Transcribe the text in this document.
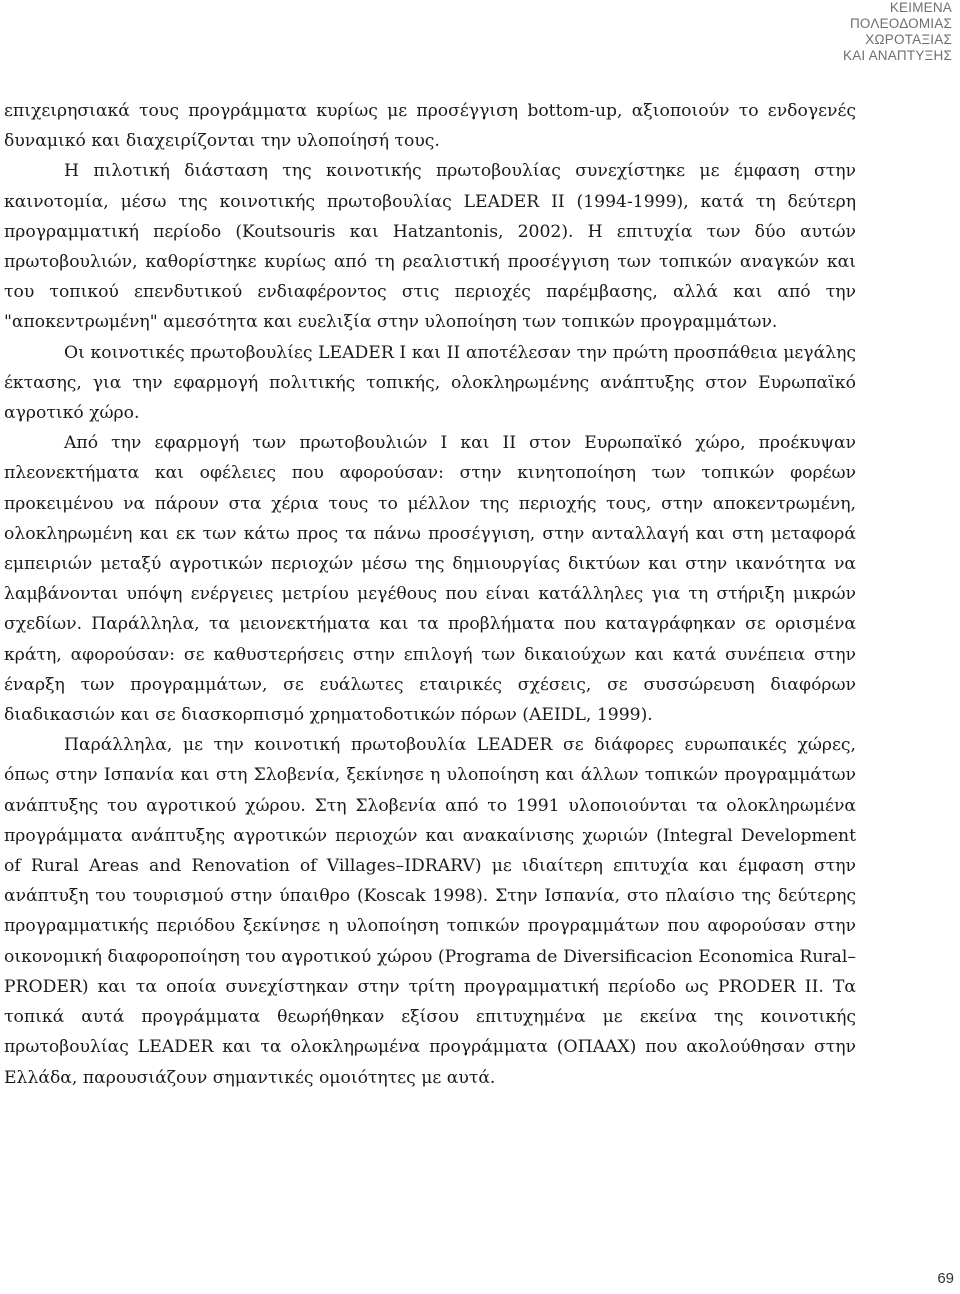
ΚΕΙΜΕΝΑ
ΠΟΛΕΟΔΟΜΙΑΣ
ΧΩΡΟΤΑΞΙΑΣ
ΚΑΙ ΑΝΑΠΤΥΞΗΣ

επιχειρησιακά τους προγράμματα κυρίως με προσέγγιση bottom-up, αξιοποιούν το ενδογενές δυναμικό και διαχειρίζονται την υλοποίησή τους.

Η πιλοτική διάσταση της κοινοτικής πρωτοβουλίας συνεχίστηκε με έμφαση στην καινοτομία, μέσω της κοινοτικής πρωτοβουλίας LEADER II (1994-1999), κατά τη δεύτερη προγραμματική περίοδο (Koutsouris και Hatzantonis, 2002). Η επιτυχία των δύο αυτών πρωτοβουλιών, καθορίστηκε κυρίως από τη ρεαλιστική προσέγγιση των τοπικών αναγκών και του τοπικού επενδυτικού ενδιαφέροντος στις περιοχές παρέμβασης, αλλά και από την "αποκεντρωμένη" αμεσότητα και ευελιξία στην υλοποίηση των τοπικών προγραμμάτων.

Οι κοινοτικές πρωτοβουλίες LEADER I και II αποτέλεσαν την πρώτη προσπάθεια μεγάλης έκτασης, για την εφαρμογή πολιτικής τοπικής, ολοκληρωμένης ανάπτυξης στον Ευρωπαϊκό αγροτικό χώρο.

Από την εφαρμογή των πρωτοβουλιών I και II στον Ευρωπαϊκό χώρο, προέκυψαν πλεονεκτήματα και οφέλειες που αφορούσαν: στην κινητοποίηση των τοπικών φορέων προκειμένου να πάρουν στα χέρια τους το μέλλον της περιοχής τους, στην αποκεντρωμένη, ολοκληρωμένη και εκ των κάτω προς τα πάνω προσέγγιση, στην ανταλλαγή και στη μεταφορά εμπειριών μεταξύ αγροτικών περιοχών μέσω της δημιουργίας δικτύων και στην ικανότητα να λαμβάνονται υπόψη ενέργειες μετρίου μεγέθους που είναι κατάλληλες για τη στήριξη μικρών σχεδίων. Παράλληλα, τα μειονεκτήματα και τα προβλήματα που καταγράφηκαν σε ορισμένα κράτη, αφορούσαν: σε καθυστερήσεις στην επιλογή των δικαιούχων και κατά συνέπεια στην έναρξη των προγραμμάτων, σε ευάλωτες εταιρικές σχέσεις, σε συσσώρευση διαφόρων διαδικασιών και σε διασκορπισμό χρηματοδοτικών πόρων (AEIDL, 1999).

Παράλληλα, με την κοινοτική πρωτοβουλία LEADER σε διάφορες ευρωπαικές χώρες, όπως στην Ισπανία και στη Σλοβενία, ξεκίνησε η υλοποίηση και άλλων τοπικών προγραμμάτων ανάπτυξης του αγροτικού χώρου. Στη Σλοβενία από το 1991 υλοποιούνται τα ολοκληρωμένα προγράμματα ανάπτυξης αγροτικών περιοχών και ανακαίνισης χωριών (Integral Development of Rural Areas and Renovation of Villages–IDRARV) με ιδιαίτερη επιτυχία και έμφαση στην ανάπτυξη του τουρισμού στην ύπαιθρο (Koscak 1998). Στην Ισπανία, στο πλαίσιο της δεύτερης προγραμματικής περιόδου ξεκίνησε η υλοποίηση τοπικών προγραμμάτων που αφορούσαν στην οικονομική διαφοροποίηση του αγροτικού χώρου (Programa de Diversificacion Economica Rural–PRODER) και τα οποία συνεχίστηκαν στην τρίτη προγραμματική περίοδο ως PRODER II. Τα τοπικά αυτά προγράμματα θεωρήθηκαν εξίσου επιτυχημένα με εκείνα της κοινοτικής πρωτοβουλίας LEADER και τα ολοκληρωμένα προγράμματα (ΟΠΑΑΧ) που ακολούθησαν στην Ελλάδα, παρουσιάζουν σημαντικές ομοιότητες με αυτά.

69
